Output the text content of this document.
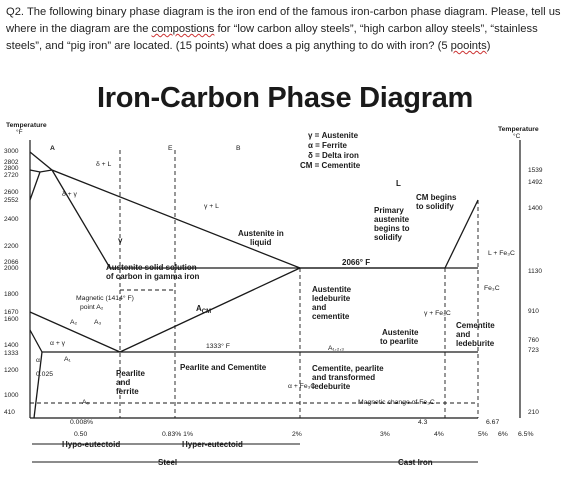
Q2. The following binary phase diagram is the iron end of the famous iron-carbon phase diagram. Please, tell us where in the diagram are the compostions for “low carbon alloy steels”, “high carbon alloy steels”, “stainless steels”, and “pig iron” are located. (15 points) what does a pig anything to do with iron? (5 pooints)
Iron-Carbon Phase Diagram
Temperature
°F	Temperature
°C
3000
2802
2800
2720
2600
2552
2400
2200
2066
2000
1800
1670
1600
1400
1333
1200
1000
410
1539
1492
1400
1130
910
760
723
210
γ = Austenite
α = Ferrite
δ = Delta iron
CM = Cementite
A	E	B
L
δ + L
δ + γ
γ + L
γ
L + Fe₃C
Fe₃C
γ + Fe₃C
α + γ
α
α + Fe₃C
CM begins
to solidify
Primary
austenite
begins to
solidify
Austenite in
liquid
2066° F
Austenite solid solution
of carbon in gamma iron
Austentite
ledeburite
and
cementite
Cementite
and
ledeburite
Austenite
to pearlite
Magnetic (1414° F)
point A₂
A₂ A₃
A₁
$A_{CM}$
A₁,₂,₃
1333° F
A₀
Pearlite
and
ferrite
Pearlite and Cementite	Cementite, pearlite
and transformed
ledeburite
Magnetic change of Fe₃C
0.025
0.008%
0.50	0.83% 1%	2%	3%
4.3
4%	5% 6% 6.5%
6.67
Hypo-eutectoid	Hyper-eutectoid
Steel	Cast Iron
